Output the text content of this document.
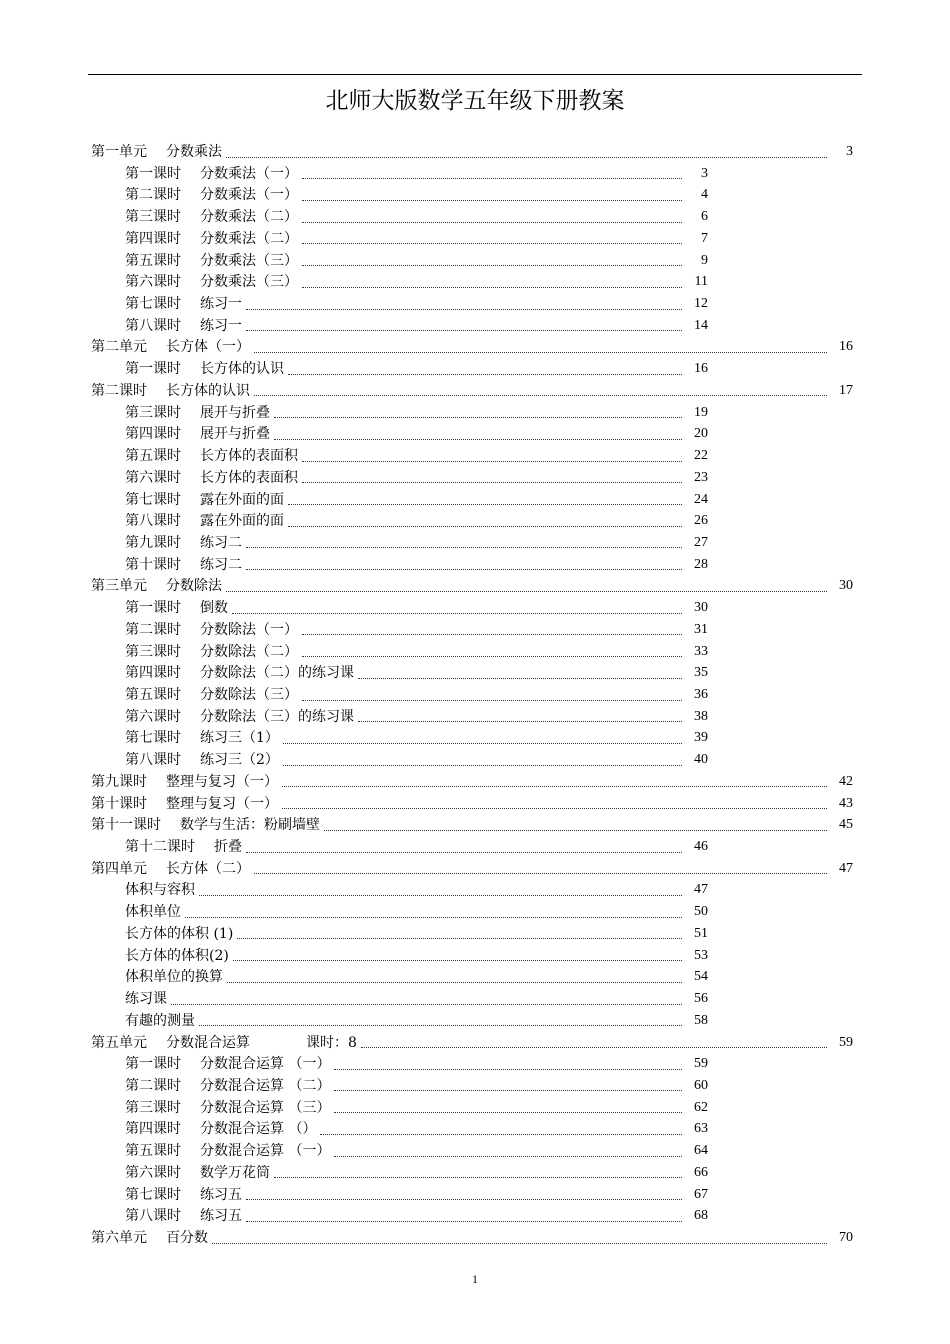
北师大版数学五年级下册教案
第一单元 分数乘法	3
第一课时 分数乘法（一）	3
第二课时 分数乘法（一）	4
第三课时 分数乘法（二）	6
第四课时 分数乘法（二）	7
第五课时 分数乘法（三）	9
第六课时 分数乘法（三）	11
第七课时 练习一	12
第八课时 练习一	14
第二单元 长方体（一）	16
第一课时 长方体的认识	16
第二课时 长方体的认识	17
第三课时 展开与折叠	19
第四课时 展开与折叠	20
第五课时 长方体的表面积	22
第六课时 长方体的表面积	23
第七课时 露在外面的面	24
第八课时 露在外面的面	26
第九课时 练习二	27
第十课时 练习二	28
第三单元 分数除法	30
第一课时 倒数	30
第二课时 分数除法（一）	31
第三课时 分数除法（二）	33
第四课时 分数除法（二）的练习课	35
第五课时 分数除法（三）	36
第六课时 分数除法（三）的练习课	38
第七课时 练习三（1）	39
第八课时 练习三（2）	40
第九课时 整理与复习（一）	42
第十课时 整理与复习（一）	43
第十一课时 数学与生活：粉刷墙壁	45
第十二课时 折叠	46
第四单元 长方体（二）	47
体积与容积	47
体积单位	50
长方体的体积 (1)	51
长方体的体积(2)	53
体积单位的换算	54
练习课	56
有趣的测量	58
第五单元 分数混合运算　　　　课时：8	59
第一课时 分数混合运算 （一）	59
第二课时 分数混合运算 （二）	60
第三课时 分数混合运算 （三）	62
第四课时 分数混合运算 （）	63
第五课时 分数混合运算 （一）	64
第六课时 数学万花筒	66
第七课时 练习五	67
第八课时 练习五	68
第六单元 百分数	70
1
